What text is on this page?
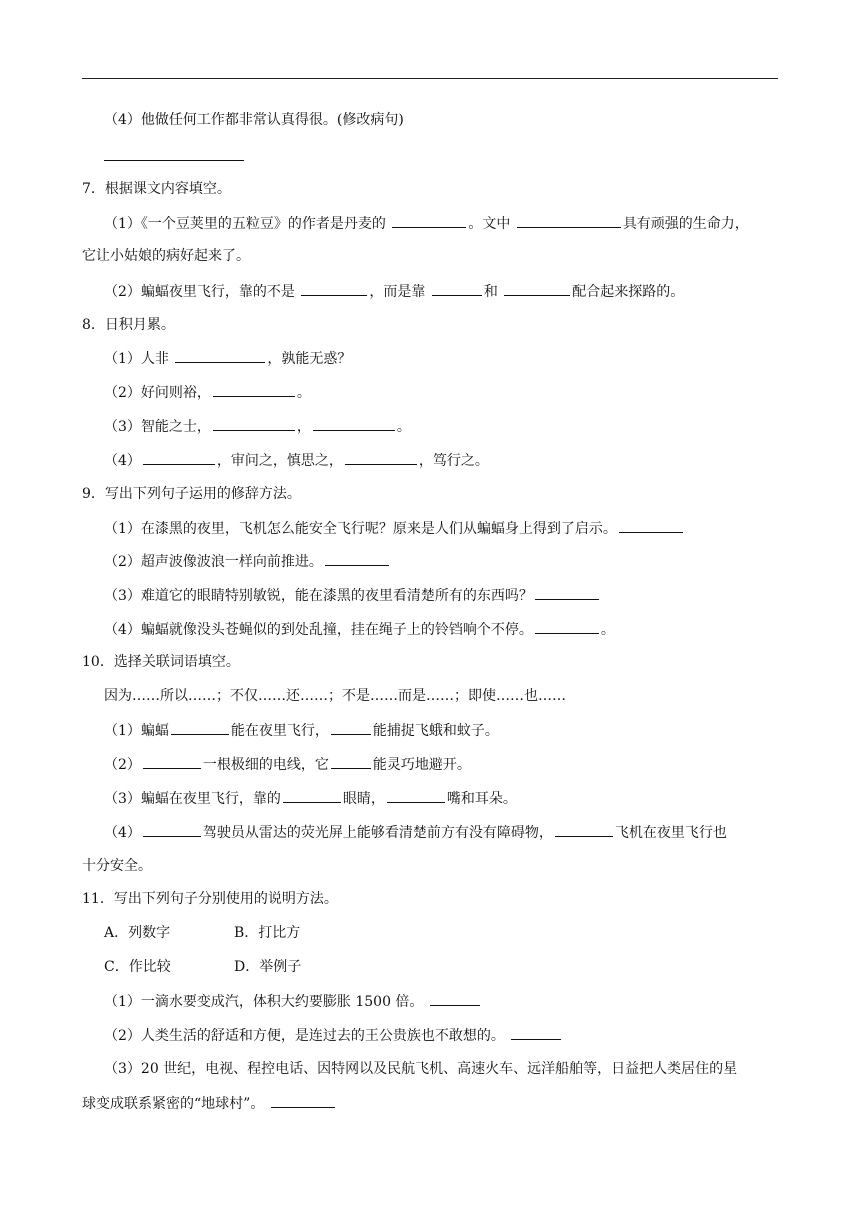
（4）他做任何工作都非常认真得很。(修改病句)
7．根据课文内容填空。
（1）《一个豆荚里的五粒豆》的作者是丹麦的	。文中	具有顽强的生命力，
它让小姑娘的病好起来了。
（2）蝙蝠夜里飞行，靠的不是	，而是靠	和	配合起来探路的。
8．日积月累。
（1）人非	，孰能无惑？
（2）好问则裕，	。
（3）智能之士，	，	。
（4）	，审问之，慎思之，	，笃行之。
9．写出下列句子运用的修辞方法。
（1）在漆黑的夜里，飞机怎么能安全飞行呢？原来是人们从蝙蝠身上得到了启示。
（2）超声波像波浪一样向前推进。
（3）难道它的眼睛特别敏锐，能在漆黑的夜里看清楚所有的东西吗？
（4）蝙蝠就像没头苍蝇似的到处乱撞，挂在绳子上的铃铛响个不停。	。
10．选择关联词语填空。
因为……所以……；不仅……还……；不是……而是……；即使……也……
（1）蝙蝠	能在夜里飞行，	能捕捉飞蛾和蚊子。
（2）	一根极细的电线，它	能灵巧地避开。
（3）蝙蝠在夜里飞行，靠的	眼睛，	嘴和耳朵。
（4）	驾驶员从雷达的荧光屏上能够看清楚前方有没有障碍物，	飞机在夜里飞行也
十分安全。
11．写出下列句子分别使用的说明方法。
A．列数字	B．打比方
C．作比较	D．举例子
（1）一滴水要变成汽，体积大约要膨胀 1500 倍。
（2）人类生活的舒适和方便，是连过去的王公贵族也不敢想的。
（3）20 世纪，电视、程控电话、因特网以及民航飞机、高速火车、远洋船舶等，日益把人类居住的星
球变成联系紧密的“地球村”。
